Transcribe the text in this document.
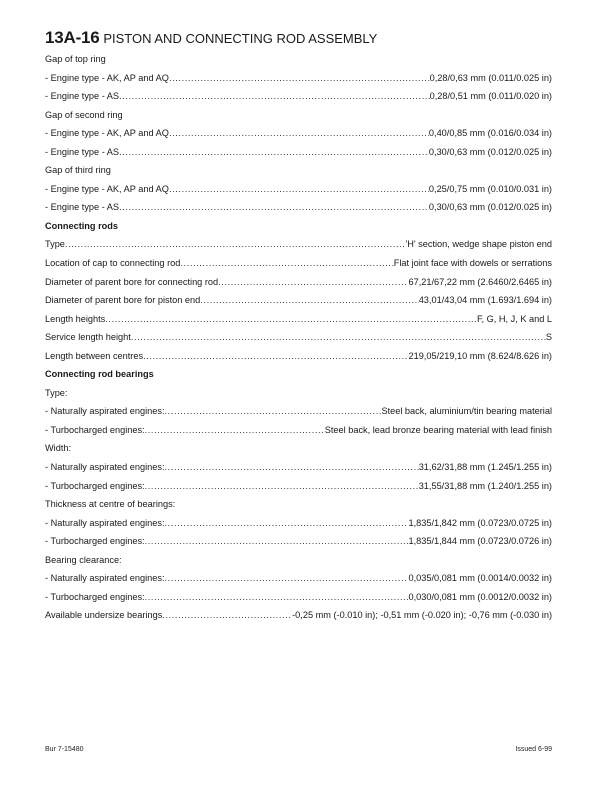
13A-16 PISTON AND CONNECTING ROD ASSEMBLY
Gap of top ring
- Engine type - AK, AP and AQ .....	0,28/0,63 mm (0.011/0.025 in)
- Engine type - AS .....	0,28/0,51 mm (0.011/0.020 in)
Gap of second ring
- Engine type - AK, AP and AQ .....	0,40/0,85 mm (0.016/0.034 in)
- Engine type - AS .....	0,30/0,63 mm (0.012/0.025 in)
Gap of third ring
- Engine type - AK, AP and AQ .....	0,25/0,75 mm (0.010/0.031 in)
- Engine type - AS .....	0,30/0,63 mm (0.012/0.025 in)
Connecting rods
Type .....	'H' section, wedge shape piston end
Location of cap to connecting rod .....	Flat joint face with dowels or serrations
Diameter of parent bore for connecting rod .....	67,21/67,22 mm (2.6460/2.6465 in)
Diameter of parent bore for piston end .....	43,01/43,04 mm (1.693/1.694 in)
Length heights .....	F, G, H, J, K and L
Service length height .....	S
Length between centres .....	219,05/219,10 mm (8.624/8.626 in)
Connecting rod bearings
Type:
- Naturally aspirated engines: .....	Steel back, aluminium/tin bearing material
- Turbocharged engines: .....	Steel back, lead bronze bearing material with lead finish
Width:
- Naturally aspirated engines: .....	31,62/31,88 mm (1.245/1.255 in)
- Turbocharged engines: .....	31,55/31,88 mm (1.240/1.255 in)
Thickness at centre of bearings:
- Naturally aspirated engines: .....	1,835/1,842 mm (0.0723/0.0725 in)
- Turbocharged engines: .....	1,835/1,844 mm (0.0723/0.0726 in)
Bearing clearance:
- Naturally aspirated engines: .....	0,035/0,081 mm (0.0014/0.0032 in)
- Turbocharged engines: .....	0,030/0,081 mm (0.0012/0.0032 in)
Available undersize bearings .....	-0,25 mm (-0.010 in); -0,51 mm (-0.020 in); -0,76 mm (-0.030 in)
Bur 7-15480	Issued 6-99
